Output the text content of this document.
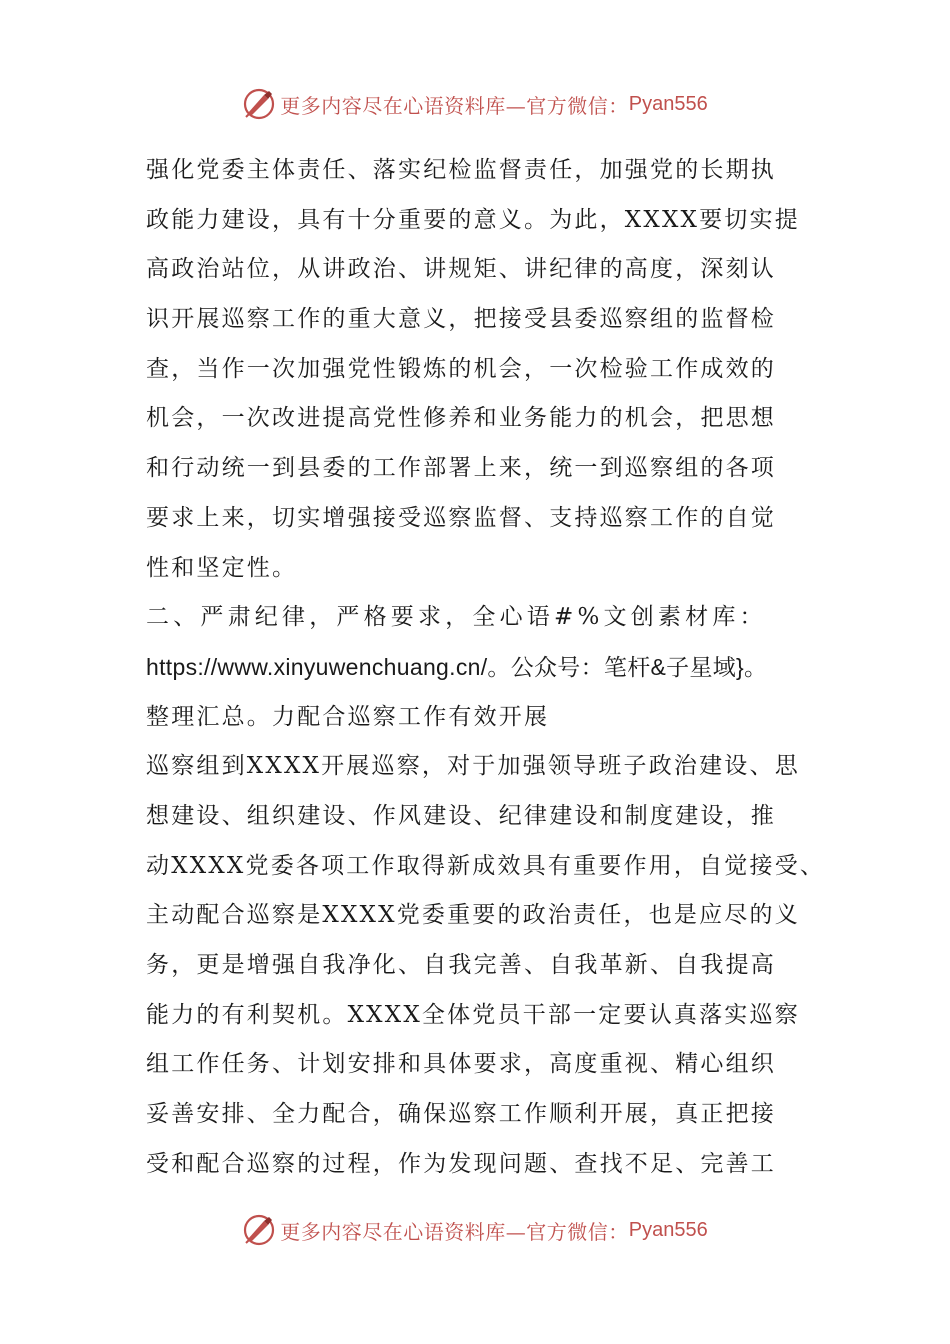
更多内容尽在心语资料库—官方微信： Pyan556
强化党委主体责任、落实纪检监督责任，加强党的长期执
政能力建设，具有十分重要的意义。为此，XXXX要切实提
高政治站位，从讲政治、讲规矩、讲纪律的高度，深刻认
识开展巡察工作的重大意义，把接受县委巡察组的监督检
查，当作一次加强党性锻炼的机会，一次检验工作成效的
机会，一次改进提高党性修养和业务能力的机会，把思想
和行动统一到县委的工作部署上来，统一到巡察组的各项
要求上来，切实增强接受巡察监督、支持巡察工作的自觉
性和坚定性。
二、严肃纪律，严格要求，全心语#%文创素材库：
https://www.xinyuwenchuang.cn/。公众号：笔杆&子星域}。
整理汇总。力配合巡察工作有效开展
巡察组到XXXX开展巡察，对于加强领导班子政治建设、思
想建设、组织建设、作风建设、纪律建设和制度建设，推
动XXXX党委各项工作取得新成效具有重要作用，自觉接受、
主动配合巡察是XXXX党委重要的政治责任，也是应尽的义
务，更是增强自我净化、自我完善、自我革新、自我提高
能力的有利契机。XXXX全体党员干部一定要认真落实巡察
组工作任务、计划安排和具体要求，高度重视、精心组织
妥善安排、全力配合，确保巡察工作顺利开展，真正把接
受和配合巡察的过程，作为发现问题、查找不足、完善工
更多内容尽在心语资料库—官方微信： Pyan556
